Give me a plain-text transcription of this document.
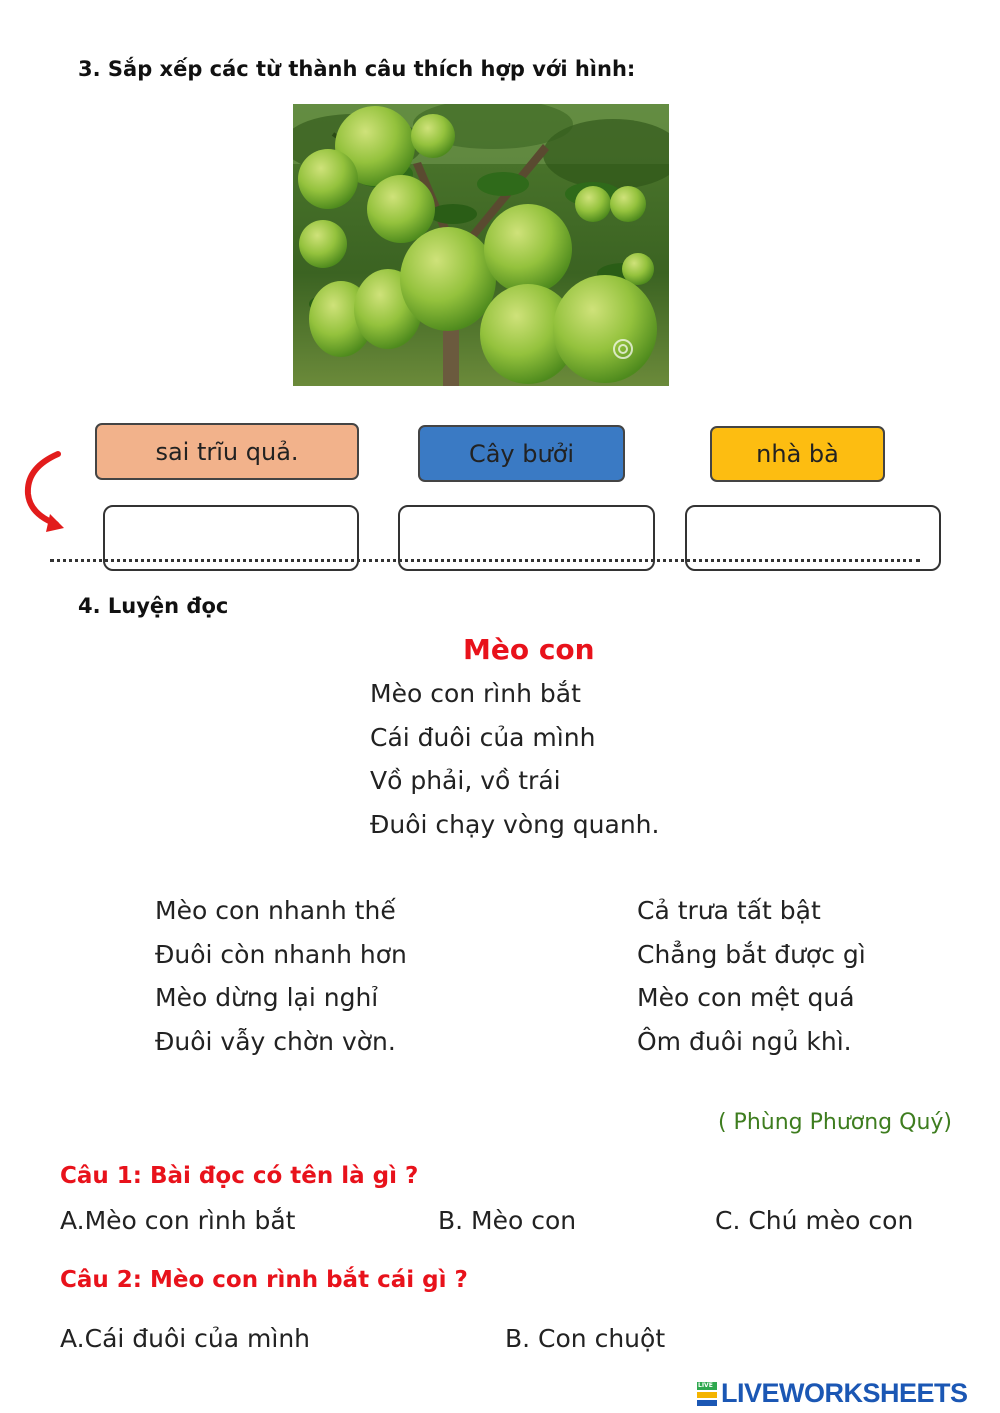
3. Sắp xếp các từ thành câu thích hợp với hình:
sai trĩu quả.	Cây bưởi	nhà bà
4. Luyện đọc
Mèo con
Mèo con rình bắt
Cái đuôi của mình
Vồ phải, vồ trái
Đuôi chạy vòng quanh.
Mèo con nhanh thế
Đuôi còn nhanh hơn
Mèo dừng lại nghỉ
Đuôi vẫy chờn vờn.
Cả trưa tất bật
Chẳng bắt được gì
Mèo con mệt quá
Ôm đuôi ngủ khì.
( Phùng Phương Quý)
Câu 1: Bài đọc có tên là gì ?
A.Mèo con rình bắt	B. Mèo con	C. Chú mèo con
Câu 2: Mèo con rình bắt cái gì ?
A.Cái đuôi của mình	B. Con chuột
LIVE LIVEWORKSHEETS
